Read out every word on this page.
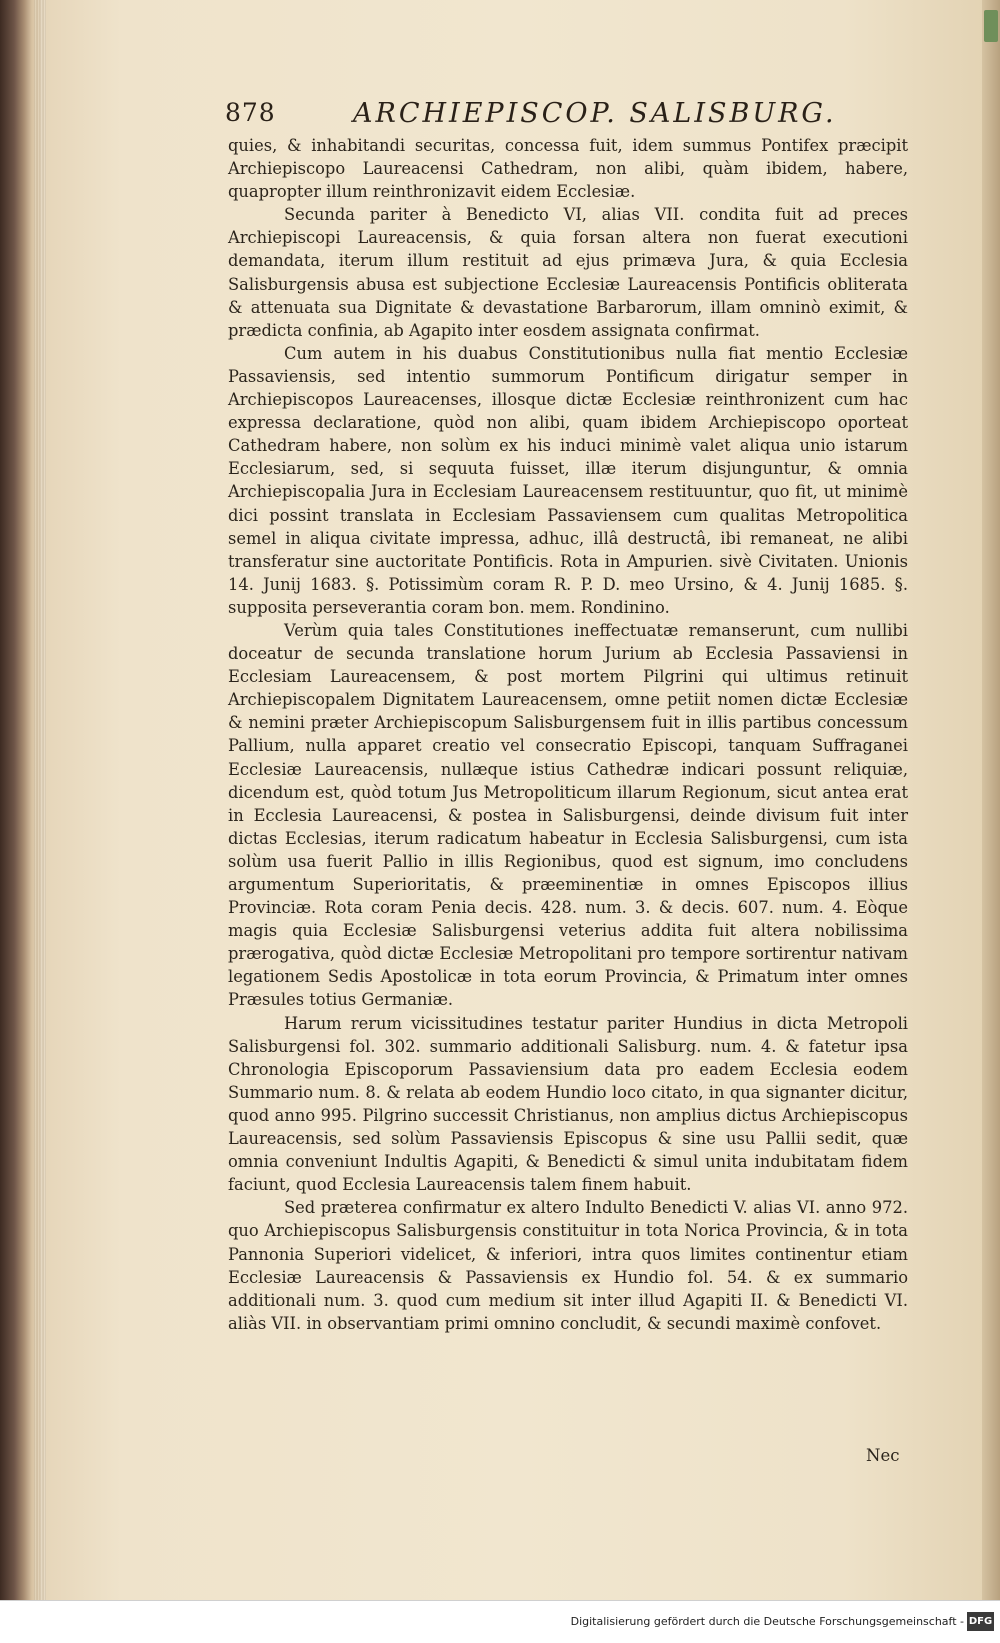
878	ARCHIEPISCOP. SALISBURG.

quies, & inhabitandi securitas, concessa fuit, idem summus Pontifex præcipit Archiepiscopo Laureacensi Cathedram, non alibi, quàm ibidem, habere, quapropter illum reinthronizavit eidem Ecclesiæ.

Secunda pariter à Benedicto VI, alias VII. condita fuit ad preces Archiepiscopi Laureacensis, & quia forsan altera non fuerat executioni demandata, iterum illum restituit ad ejus primæva Jura, & quia Ecclesia Salisburgensis abusa est subjectione Ecclesiæ Laureacensis Pontificis obliterata & attenuata sua Dignitate & devastatione Barbarorum, illam omninò eximit, & prædicta confinia, ab Agapito inter eosdem assignata confirmat.

Cum autem in his duabus Constitutionibus nulla fiat mentio Ecclesiæ Passaviensis, sed intentio summorum Pontificum dirigatur semper in Archiepiscopos Laureacenses, illosque dictæ Ecclesiæ reinthronizent cum hac expressa declaratione, quòd non alibi, quam ibidem Archiepiscopo oporteat Cathedram habere, non solùm ex his induci minimè valet aliqua unio istarum Ecclesiarum, sed, si sequuta fuisset, illæ iterum disjunguntur, & omnia Archiepiscopalia Jura in Ecclesiam Laureacensem restituuntur, quo fit, ut minimè dici possint translata in Ecclesiam Passaviensem cum qualitas Metropolitica semel in aliqua civitate impressa, adhuc, illâ destructâ, ibi remaneat, ne alibi transferatur sine auctoritate Pontificis. Rota in Ampurien. sivè Civitaten. Unionis 14. Junij 1683. §. Potissimùm coram R. P. D. meo Ursino, & 4. Junij 1685. §. supposita perseverantia coram bon. mem. Rondinino.

Verùm quia tales Constitutiones ineffectuatæ remanserunt, cum nullibi doceatur de secunda translatione horum Jurium ab Ecclesia Passaviensi in Ecclesiam Laureacensem, & post mortem Pilgrini qui ultimus retinuit Archiepiscopalem Dignitatem Laureacensem, omne petiit nomen dictæ Ecclesiæ & nemini præter Archiepiscopum Salisburgensem fuit in illis partibus concessum Pallium, nulla apparet creatio vel consecratio Episcopi, tanquam Suffraganei Ecclesiæ Laureacensis, nullæque istius Cathedræ indicari possunt reliquiæ, dicendum est, quòd totum Jus Metropoliticum illarum Regionum, sicut antea erat in Ecclesia Laureacensi, & postea in Salisburgensi, deinde divisum fuit inter dictas Ecclesias, iterum radicatum habeatur in Ecclesia Salisburgensi, cum ista solùm usa fuerit Pallio in illis Regionibus, quod est signum, imo concludens argumentum Superioritatis, & præeminentiæ in omnes Episcopos illius Provinciæ. Rota coram Penia decis. 428. num. 3. & decis. 607. num. 4. Eòque magis quia Ecclesiæ Salisburgensi veterius addita fuit altera nobilissima prærogativa, quòd dictæ Ecclesiæ Metropolitani pro tempore sortirentur nativam legationem Sedis Apostolicæ in tota eorum Provincia, & Primatum inter omnes Præsules totius Germaniæ.

Harum rerum vicissitudines testatur pariter Hundius in dicta Metropoli Salisburgensi fol. 302. summario additionali Salisburg. num. 4. & fatetur ipsa Chronologia Episcoporum Passaviensium data pro eadem Ecclesia eodem Summario num. 8. & relata ab eodem Hundio loco citato, in qua signanter dicitur, quod anno 995. Pilgrino successit Christianus, non amplius dictus Archiepiscopus Laureacensis, sed solùm Passaviensis Episcopus & sine usu Pallii sedit, quæ omnia conveniunt Indultis Agapiti, & Benedicti & simul unita indubitatam fidem faciunt, quod Ecclesia Laureacensis talem finem habuit.

Sed præterea confirmatur ex altero Indulto Benedicti V. alias VI. anno 972. quo Archiepiscopus Salisburgensis constituitur in tota Norica Provincia, & in tota Pannonia Superiori videlicet, & inferiori, intra quos limites continentur etiam Ecclesiæ Laureacensis & Passaviensis ex Hundio fol. 54. & ex summario additionali num. 3. quod cum medium sit inter illud Agapiti II. & Benedicti VI. aliàs VII. in observantiam primi omnino concludit, & secundi maximè confovet.

Nec
Digitalisierung gefördert durch die Deutsche Forschungsgemeinschaft - DFG
